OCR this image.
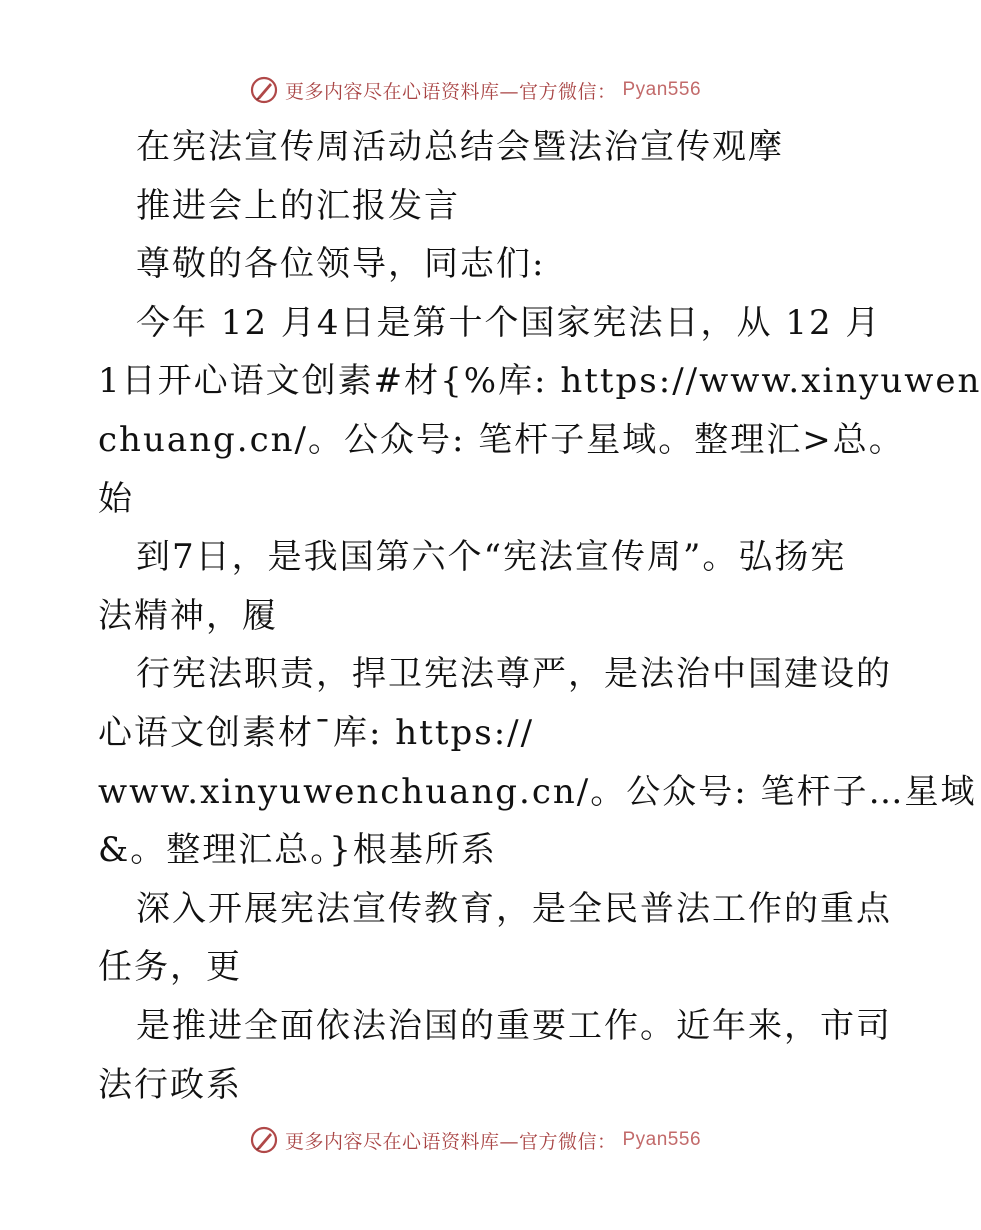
更多内容尽在心语资料库—官方微信： Pyan556
在宪法宣传周活动总结会暨法治宣传观摩
推进会上的汇报发言
尊敬的各位领导，同志们:
今年 12 月4日是第十个国家宪法日，从 12 月
1日开心语文创素#材{%库: https://www.xinyuwen
chuang.cn/。公众号: 笔杆子星域。整理汇>总。
始
到7日，是我国第六个“宪法宣传周”。弘扬宪
法精神，履
行宪法职责，捍卫宪法尊严，是法治中国建设的
心语文创素材¯库: https://
www.xinyuwenchuang.cn/。公众号: 笔杆子…星域
&。整理汇总。}根基所系
深入开展宪法宣传教育，是全民普法工作的重点
任务，更
是推进全面依法治国的重要工作。近年来，市司
法行政系
更多内容尽在心语资料库—官方微信： Pyan556
